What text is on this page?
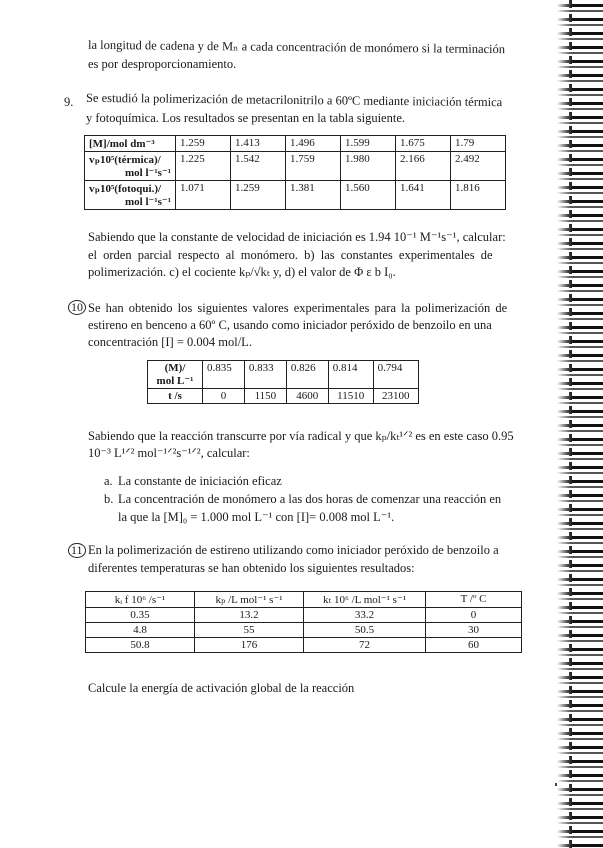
la longitud de cadena y de Mₙ a cada concentración de monómero si la terminación
es por desproporcionamiento.
9. Se estudió la polimerización de metacrilonitrilo a 60ºC mediante iniciación térmica
y fotoquímica. Los resultados se presentan en la tabla siguiente.
[M]/mol dm⁻³	1.259	1.413	1.496	1.599	1.675	1.79

vₚ10⁵(térmica)/
mol l⁻¹s⁻¹	1.225	1.542	1.759	1.980	2.166	2.492

vₚ10⁵(fotoqui.)/
mol l⁻¹s⁻¹	1.071	1.259	1.381	1.560	1.641	1.816
Sabiendo que la constante de velocidad de iniciación es 1.94 10⁻¹ M⁻¹s⁻¹, calcular:
el orden parcial respecto al monómero. b) las constantes experimentales de
polimerización. c) el cociente kₚ/√kₜ y, d) el valor de Φ ε b I₀.
10 Se han obtenido los siguientes valores experimentales para la polimerización de
estireno en benceno a 60º C, usando como iniciador peróxido de benzoilo en una
concentración [I] = 0.004 mol/L.
(M)/
mol L⁻¹	0.835	0.833	0.826	0.814	0.794
t /s	0	1150	4600	11510	23100
Sabiendo que la reacción transcurre por vía radical y que kₚ/kₜ¹ᐟ² es en este caso 0.95
10⁻³ L¹ᐟ² mol⁻¹ᐟ²s⁻¹ᐟ², calcular:
a. La constante de iniciación eficaz
b. La concentración de monómero a las dos horas de comenzar una reacción en
la que la [M]₀ = 1.000 mol L⁻¹ con [I]= 0.008 mol L⁻¹.
11 En la polimerización de estireno utilizando como iniciador peróxido de benzoilo a
diferentes temperaturas se han obtenido los siguientes resultados:
kᵢ f 10⁶ /s⁻¹	kₚ /L mol⁻¹ s⁻¹	kₜ 10⁶ /L mol⁻¹ s⁻¹	T /º C
0.35	13.2	33.2	0
4.8	55	50.5	30
50.8	176	72	60
Calcule la energía de activación global de la reacción
